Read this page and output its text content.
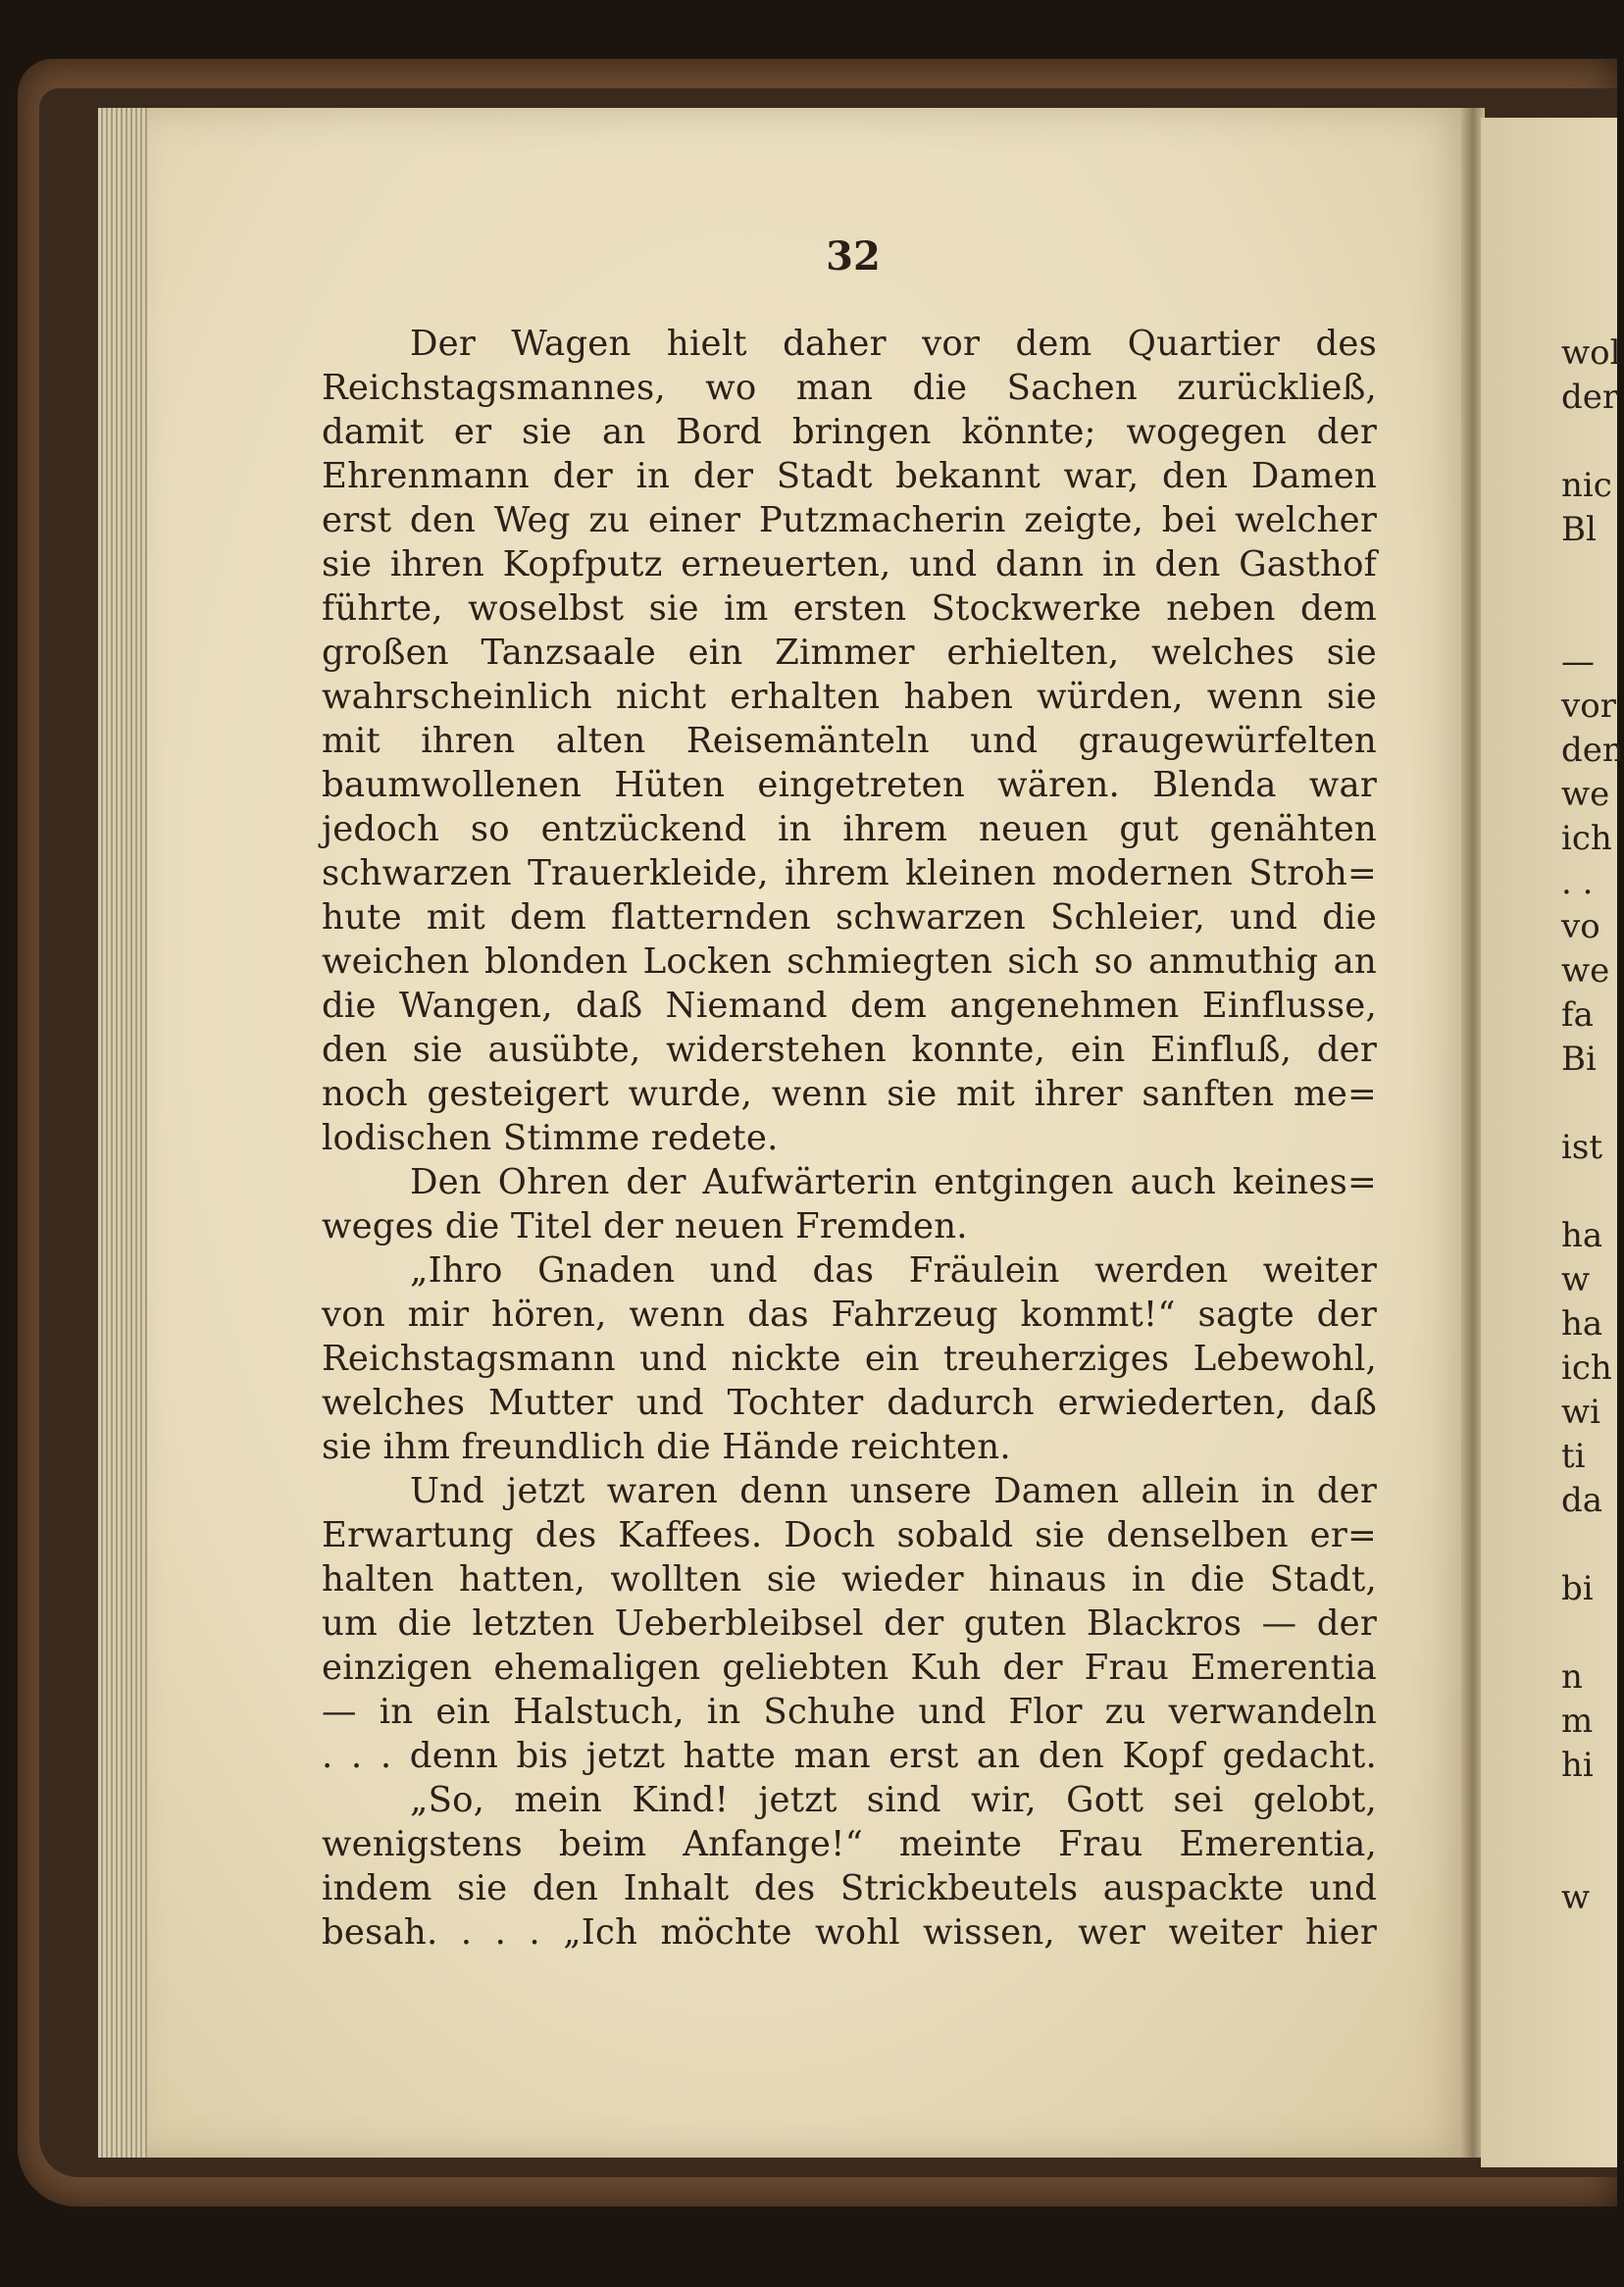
wol
der
nic
Bl
—
vor
den
we
ich
. .
vo
we
fa
Bi
ist
ha
w
ha
ich
wi
ti
da
bi
n
m
hi
w
32
Der Wagen hielt daher vor dem Quartier des
Reichstagsmannes, wo man die Sachen zurückließ,
damit er sie an Bord bringen könnte; wogegen der
Ehrenmann der in der Stadt bekannt war, den Damen
erst den Weg zu einer Putzmacherin zeigte, bei welcher
sie ihren Kopfputz erneuerten, und dann in den Gasthof
führte, woselbst sie im ersten Stockwerke neben dem
großen Tanzsaale ein Zimmer erhielten, welches sie
wahrscheinlich nicht erhalten haben würden, wenn sie
mit ihren alten Reisemänteln und graugewürfelten
baumwollenen Hüten eingetreten wären. Blenda war
jedoch so entzückend in ihrem neuen gut genähten
schwarzen Trauerkleide, ihrem kleinen modernen Stroh=
hute mit dem flatternden schwarzen Schleier, und die
weichen blonden Locken schmiegten sich so anmuthig an
die Wangen, daß Niemand dem angenehmen Einflusse,
den sie ausübte, widerstehen konnte, ein Einfluß, der
noch gesteigert wurde, wenn sie mit ihrer sanften me=
lodischen Stimme redete.
Den Ohren der Aufwärterin entgingen auch keines=
weges die Titel der neuen Fremden.
„Ihro Gnaden und das Fräulein werden weiter
von mir hören, wenn das Fahrzeug kommt!“ sagte der
Reichstagsmann und nickte ein treuherziges Lebewohl,
welches Mutter und Tochter dadurch erwiederten, daß
sie ihm freundlich die Hände reichten.
Und jetzt waren denn unsere Damen allein in der
Erwartung des Kaffees. Doch sobald sie denselben er=
halten hatten, wollten sie wieder hinaus in die Stadt,
um die letzten Ueberbleibsel der guten Blackros — der
einzigen ehemaligen geliebten Kuh der Frau Emerentia
— in ein Halstuch, in Schuhe und Flor zu verwandeln
. . . denn bis jetzt hatte man erst an den Kopf gedacht.
„So, mein Kind! jetzt sind wir, Gott sei gelobt,
wenigstens beim Anfange!“ meinte Frau Emerentia,
indem sie den Inhalt des Strickbeutels auspackte und
besah. . . . „Ich möchte wohl wissen, wer weiter hier
